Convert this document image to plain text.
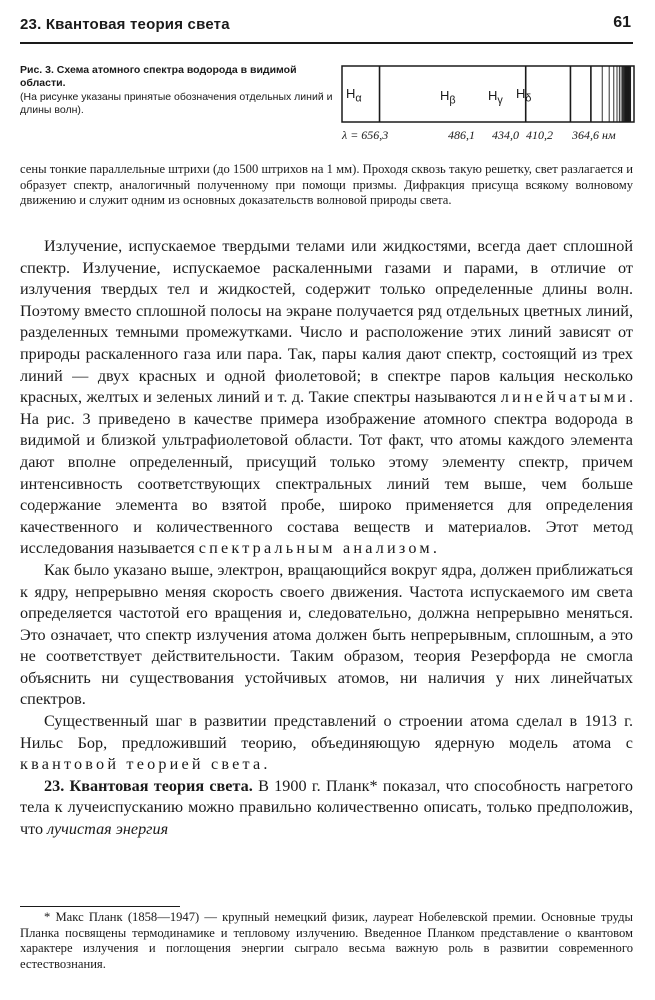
23. Квантовая теория света	61
Рис. 3. Схема атомного спектра водорода в видимой области.
(На рисунке указаны принятые обозначения отдельных линий и длины волн).
$H_\alpha$	$H_\beta$ $H_\gamma$ $H_\delta$
λ = 656,3	486,1 434,0 410,2 364,6 нм

сены тонкие параллельные штрихи (до 1500 штрихов на 1 мм). Проходя сквозь такую решетку, свет разлагается и образует спектр, аналогичный полученному при помощи призмы. Дифракция присуща всякому волновому движению и служит одним из основных доказательств волновой природы света.

Излучение, испускаемое твердыми телами или жидкостями, всегда дает сплошной спектр. Излучение, испускаемое раскаленными газами и парами, в отличие от излучения твердых тел и жидкостей, содержит только определенные длины волн. Поэтому вместо сплошной полосы на экране получается ряд отдельных цветных линий, разделенных темными промежутками. Число и расположение этих линий зависят от природы раскаленного газа или пара. Так, пары калия дают спектр, состоящий из трех линий — двух красных и одной фиолетовой; в спектре паров кальция несколько красных, желтых и зеленых линий и т. д. Такие спектры называются линейчатыми. На рис. 3 приведено в качестве примера изображение атомного спектра водорода в видимой и близкой ультрафиолетовой области. Тот факт, что атомы каждого элемента дают вполне определенный, присущий только этому элементу спектр, причем интенсивность соответствующих спектральных линий тем выше, чем больше содержание элемента во взятой пробе, широко применяется для определения качественного и количественного состава веществ и материалов. Этот метод исследования называется спектральным анализом.

Как было указано выше, электрон, вращающийся вокруг ядра, должен приближаться к ядру, непрерывно меняя скорость своего движения. Частота испускаемого им света определяется частотой его вращения и, следовательно, должна непрерывно меняться. Это означает, что спектр излучения атома должен быть непрерывным, сплошным, а это не соответствует действительности. Таким образом, теория Резерфорда не смогла объяснить ни существования устойчивых атомов, ни наличия у них линейчатых спектров.

Существенный шаг в развитии представлений о строении атома сделал в 1913 г. Нильс Бор, предложивший теорию, объединяющую ядерную модель атома с квантовой теорией света.

23. Квантовая теория света. В 1900 г. Планк* показал, что способность нагретого тела к лучеиспусканию можно правильно количественно описать, только предположив, что лучистая энергия

* Макс Планк (1858—1947) — крупный немецкий физик, лауреат Нобелевской премии. Основные труды Планка посвящены термодинамике и тепловому излучению. Введенное Планком представление о квантовом характере излучения и поглощения энергии сыграло весьма важную роль в развитии современного естествознания.
